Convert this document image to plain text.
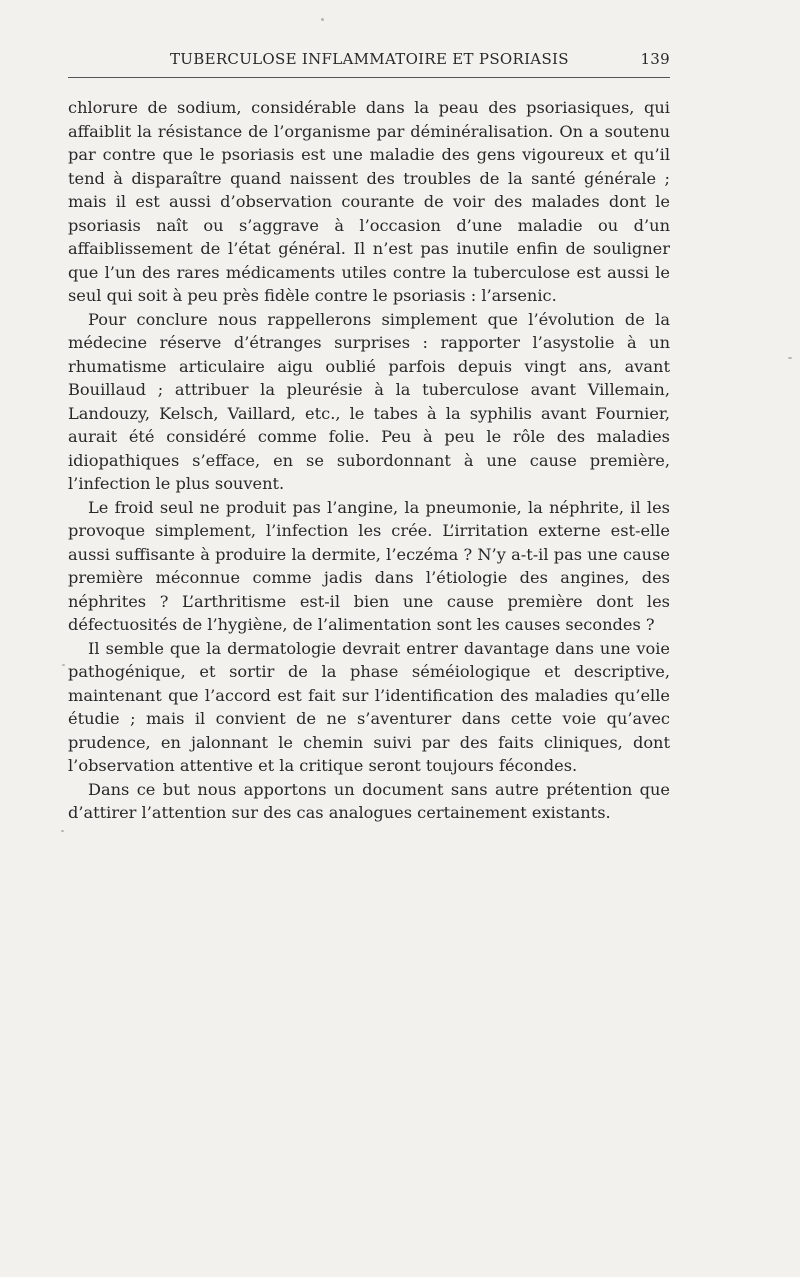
TUBERCULOSE INFLAMMATOIRE ET PSORIASIS	139

chlorure de sodium, considérable dans la peau des psoriasiques, qui affaiblit la résistance de l’organisme par déminéralisation. On a soutenu par contre que le psoriasis est une maladie des gens vigoureux et qu’il tend à disparaître quand naissent des troubles de la santé générale ; mais il est aussi d’observation courante de voir des malades dont le psoriasis naît ou s’aggrave à l’occasion d’une maladie ou d’un affaiblissement de l’état général. Il n’est pas inutile enfin de souligner que l’un des rares médicaments utiles contre la tuberculose est aussi le seul qui soit à peu près fidèle contre le psoriasis : l’arsenic.

Pour conclure nous rappellerons simplement que l’évolution de la médecine réserve d’étranges surprises : rapporter l’asystolie à un rhumatisme articulaire aigu oublié parfois depuis vingt ans, avant Bouillaud ; attribuer la pleurésie à la tuberculose avant Villemain, Landouzy, Kelsch, Vaillard, etc., le tabes à la syphilis avant Fournier, aurait été considéré comme folie. Peu à peu le rôle des maladies idiopathiques s’efface, en se subordonnant à une cause première, l’infection le plus souvent.

Le froid seul ne produit pas l’angine, la pneumonie, la néphrite, il les provoque simplement, l’infection les crée. L’irritation externe est-elle aussi suffisante à produire la dermite, l’eczéma ? N’y a-t-il pas une cause première méconnue comme jadis dans l’étiologie des angines, des néphrites ? L’arthritisme est-il bien une cause première dont les défectuosités de l’hygiène, de l’alimentation sont les causes secondes ?

Il semble que la dermatologie devrait entrer davantage dans une voie pathogénique, et sortir de la phase séméiologique et descriptive, maintenant que l’accord est fait sur l’identification des maladies qu’elle étudie ; mais il convient de ne s’aventurer dans cette voie qu’avec prudence, en jalonnant le chemin suivi par des faits cliniques, dont l’observation attentive et la critique seront toujours fécondes.

Dans ce but nous apportons un document sans autre prétention que d’attirer l’attention sur des cas analogues certainement existants.
